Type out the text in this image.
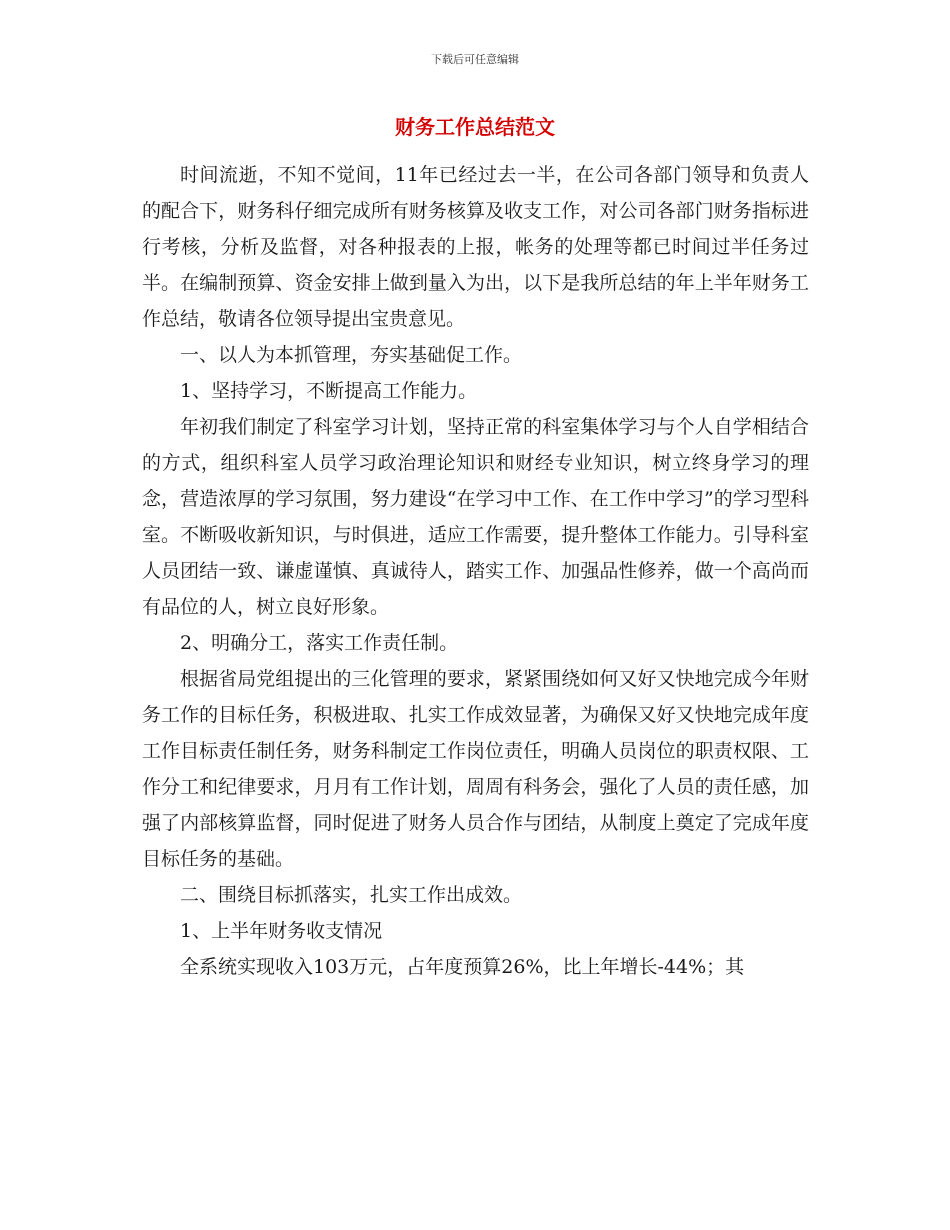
下载后可任意编辑
财务工作总结范文

时间流逝，不知不觉间，11年已经过去一半，在公司各部门领导和负责人的配合下，财务科仔细完成所有财务核算及收支工作，对公司各部门财务指标进行考核，分析及监督，对各种报表的上报，帐务的处理等都已时间过半任务过半。在编制预算、资金安排上做到量入为出，以下是我所总结的年上半年财务工作总结，敬请各位领导提出宝贵意见。

一、以人为本抓管理，夯实基础促工作。

1、坚持学习，不断提高工作能力。

年初我们制定了科室学习计划，坚持正常的科室集体学习与个人自学相结合的方式，组织科室人员学习政治理论知识和财经专业知识，树立终身学习的理念，营造浓厚的学习氛围，努力建设“在学习中工作、在工作中学习”的学习型科室。不断吸收新知识，与时俱进，适应工作需要，提升整体工作能力。引导科室人员团结一致、谦虚谨慎、真诚待人，踏实工作、加强品性修养，做一个高尚而有品位的人，树立良好形象。

2、明确分工，落实工作责任制。

根据省局党组提出的三化管理的要求，紧紧围绕如何又好又快地完成今年财务工作的目标任务，积极进取、扎实工作成效显著，为确保又好又快地完成年度工作目标责任制任务，财务科制定工作岗位责任，明确人员岗位的职责权限、工作分工和纪律要求，月月有工作计划，周周有科务会，强化了人员的责任感，加强了内部核算监督，同时促进了财务人员合作与团结，从制度上奠定了完成年度目标任务的基础。

二、围绕目标抓落实，扎实工作出成效。

1、上半年财务收支情况

全系统实现收入103万元，占年度预算26%，比上年增长-44%；其
